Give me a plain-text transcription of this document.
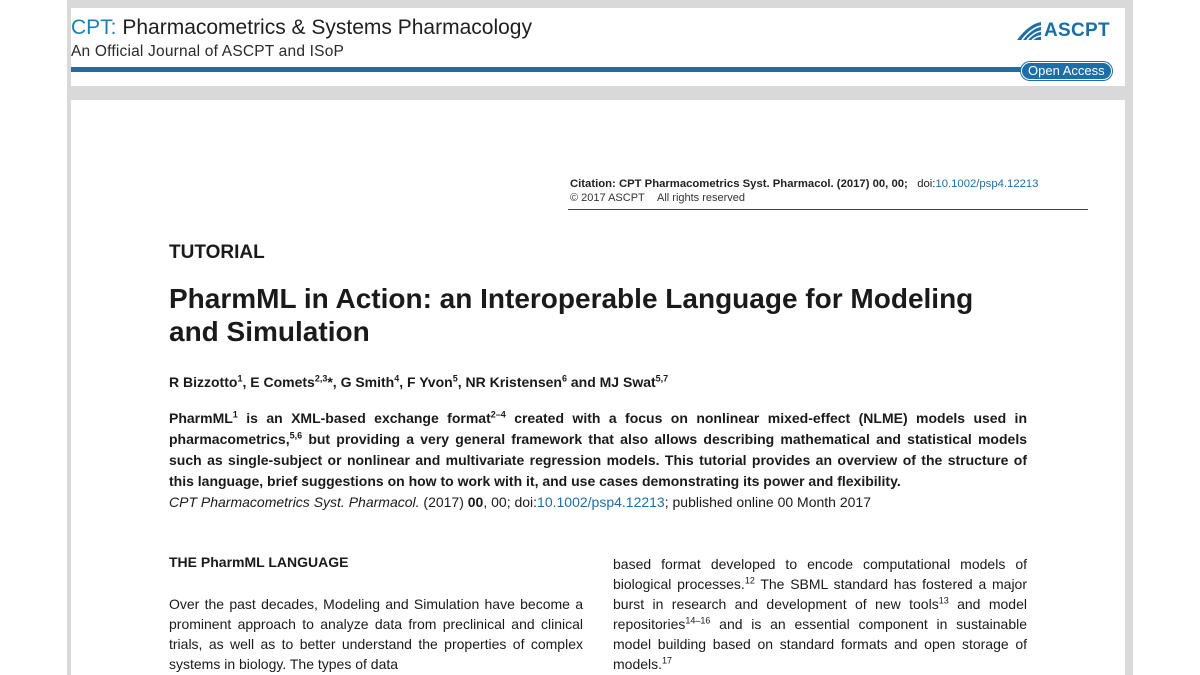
CPT: Pharmacometrics & Systems Pharmacology
An Official Journal of ASCPT and ISoP
ASCPT
Open Access
Citation: CPT Pharmacometrics Syst. Pharmacol. (2017) 00, 00; doi:10.1002/psp4.12213
© 2017 ASCPT All rights reserved
TUTORIAL
PharmML in Action: an Interoperable Language for Modeling and Simulation
R Bizzotto$^1$, E Comets$^{2,3}$*, G Smith$^4$, F Yvon$^5$, NR Kristensen$^6$ and MJ Swat$^{5,7}$
PharmML$^1$ is an XML-based exchange format$^{2-4}$ created with a focus on nonlinear mixed-effect (NLME) models used in pharmacometrics,$^{5,6}$ but providing a very general framework that also allows describing mathematical and statistical models such as single-subject or nonlinear and multivariate regression models. This tutorial provides an overview of the structure of this language, brief suggestions on how to work with it, and use cases demonstrating its power and flexibility.
CPT Pharmacometrics Syst. Pharmacol. (2017) 00, 00; doi:10.1002/psp4.12213; published online 00 Month 2017
THE PharmML LANGUAGE
Over the past decades, Modeling and Simulation have become a prominent approach to analyze data from preclinical and clinical trials, as well as to better understand the properties of complex systems in biology. The types of data
based format developed to encode computational models of biological processes.$^{12}$ The SBML standard has fostered a major burst in research and development of new tools$^{13}$ and model repositories$^{14-16}$ and is an essential component in sustainable model building based on standard formats and open storage of models.$^{17}$
